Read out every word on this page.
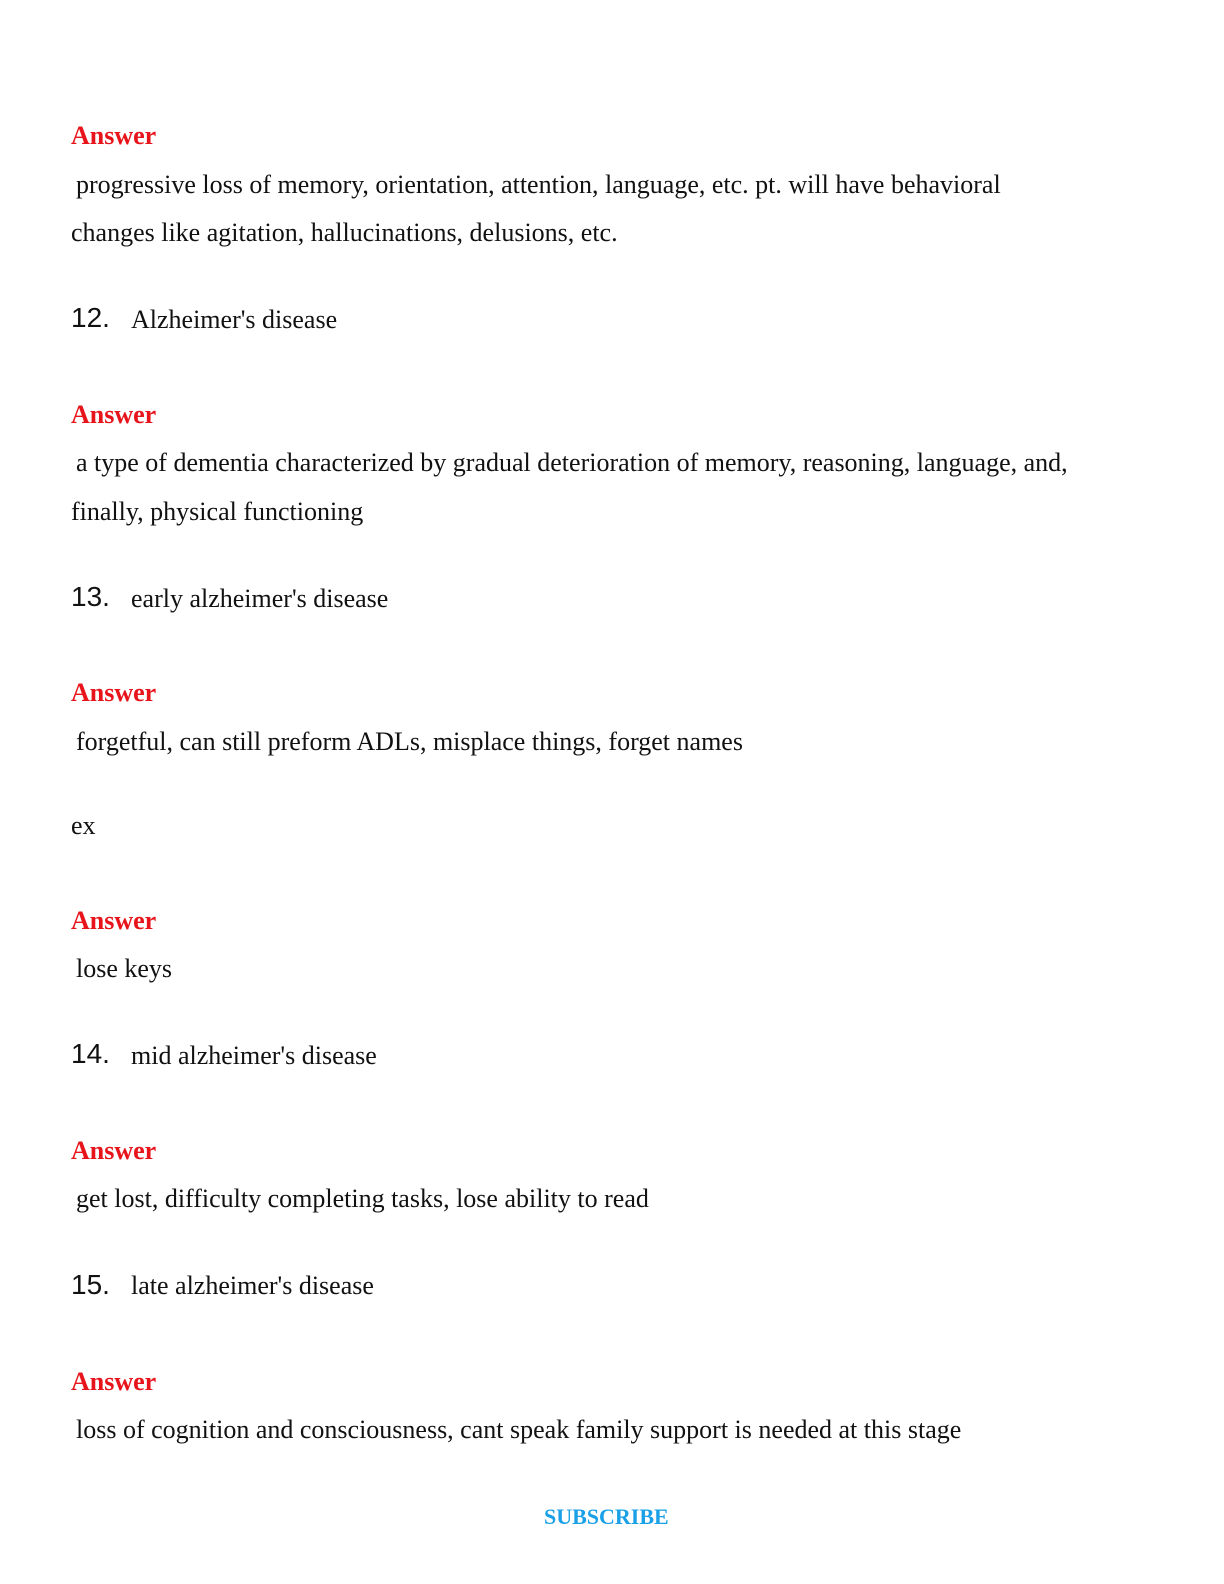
Answer
progressive loss of memory, orientation, attention, language, etc. pt. will have behavioral
changes like agitation, hallucinations, delusions, etc.
12. Alzheimer's disease
Answer
a type of dementia characterized by gradual deterioration of memory, reasoning, language, and,
finally, physical functioning
13. early alzheimer's disease
Answer
forgetful, can still preform ADLs, misplace things, forget names
ex
Answer
lose keys
14. mid alzheimer's disease
Answer
get lost, difficulty completing tasks, lose ability to read
15. late alzheimer's disease
Answer
loss of cognition and consciousness, cant speak family support is needed at this stage
SUBSCRIBE
